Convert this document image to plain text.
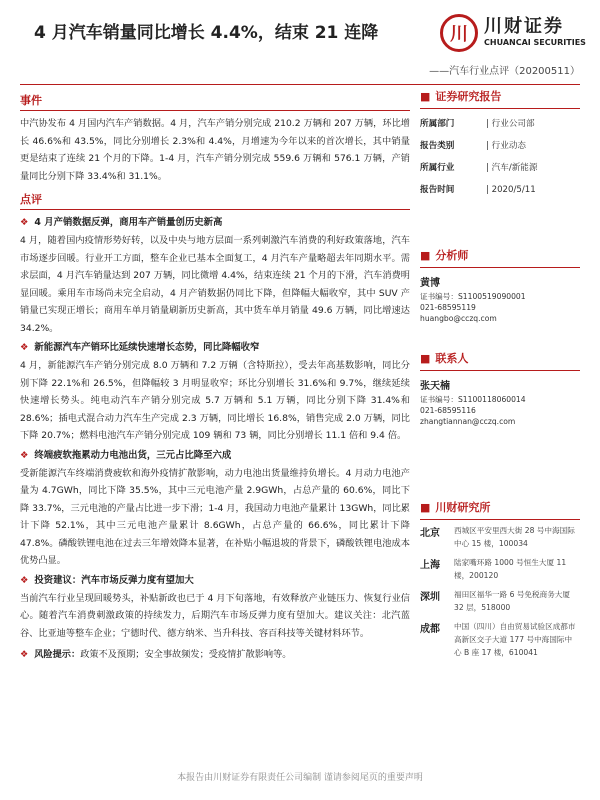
4 月汽车销量同比增长 4.4%，结束 21 连降	川 川财证券
CHUANCAI SECURITIES
——汽车行业点评（20200511）
事件
中汽协发布 4 月国内汽车产销数据。4 月，汽车产销分别完成 210.2 万辆和 207 万辆，环比增长 46.6%和 43.5%，同比分别增长 2.3%和 4.4%，月增速为今年以来的首次增长，其中销量更是结束了连续 21 个月的下降。1-4 月，汽车产销分别完成 559.6 万辆和 576.1 万辆，产销量同比分别下降 33.4%和 31.1%。
点评
❖ 4 月产销数据反弹，商用车产销量创历史新高
4 月，随着国内疫情形势好转，以及中央与地方层面一系列刺激汽车消费的利好政策落地，汽车市场逐步回暖。行业开工方面，整车企业已基本全面复工，4 月汽车产量略超去年同期水平。需求层面，4 月汽车销量达到 207 万辆，同比微增 4.4%，结束连续 21 个月的下滑，汽车消费明显回暖。乘用车市场尚未完全启动，4 月产销数据仍同比下降，但降幅大幅收窄，其中 SUV 产销量已实现正增长；商用车单月销量刷新历史新高，其中货车单月销量 49.6 万辆，同比增速达 34.2%。
❖ 新能源汽车产销环比延续快速增长态势，同比降幅收窄
4 月，新能源汽车产销分别完成 8.0 万辆和 7.2 万辆（含特斯拉），受去年高基数影响，同比分别下降 22.1%和 26.5%，但降幅较 3 月明显收窄；环比分别增长 31.6%和 9.7%，继续延续快速增长势头。纯电动汽车产销分别完成 5.7 万辆和 5.1 万辆，同比分别下降 31.4%和 28.6%；插电式混合动力汽车生产完成 2.3 万辆，同比增长 16.8%，销售完成 2.0 万辆，同比下降 20.7%；燃料电池汽车产销分别完成 109 辆和 73 辆，同比分别增长 11.1 倍和 9.4 倍。
❖ 终端疲软拖累动力电池出货，三元占比降至六成
受新能源汽车终端消费疲软和海外疫情扩散影响，动力电池出货量维持负增长。4 月动力电池产量为 4.7GWh，同比下降 35.5%，其中三元电池产量 2.9GWh，占总产量的 60.6%，同比下降 33.7%，三元电池的产量占比进一步下滑；1-4 月，我国动力电池产量累计 13GWh，同比累计下降 52.1%，其中三元电池产量累计 8.6GWh，占总产量的 66.6%，同比累计下降 47.8%。磷酸铁锂电池在过去三年增效降本显著，在补贴小幅退坡的背景下，磷酸铁锂电池成本优势凸显。
❖ 投资建议：汽车市场反弹力度有望加大
当前汽车行业呈现回暖势头，补贴新政也已于 4 月下旬落地，有效释放产业链压力、恢复行业信心。随着汽车消费刺激政策的持续发力，后期汽车市场反弹力度有望加大。建议关注：北汽蓝谷、比亚迪等整车企业；宁德时代、德方纳米、当升科技、容百科技等关键材料环节。
❖ 风险提示：政策不及预期；安全事故频发；受疫情扩散影响等。
■ 证券研究报告
所属部门	| 行业公司部
报告类别	| 行业动态
所属行业	| 汽车/新能源
报告时间	| 2020/5/11
■ 分析师
黄博
证书编号：S1100519090001
021-68595119
huangbo@cczq.com
■ 联系人
张天楠
证书编号：S1100118060014
021-68595116
zhangtiannan@cczq.com
■ 川财研究所
北京	西城区平安里西大街 28 号中海国际中心 15 楼，100034
上海	陆家嘴环路 1000 号恒生大厦 11 楼，200120
深圳	福田区福华一路 6 号免税商务大厦 32 层，518000
成都	中国（四川）自由贸易试验区成都市高新区交子大道 177 号中海国际中心 B 座 17 楼，610041
本报告由川财证券有限责任公司编制 谨请参阅尾页的重要声明
